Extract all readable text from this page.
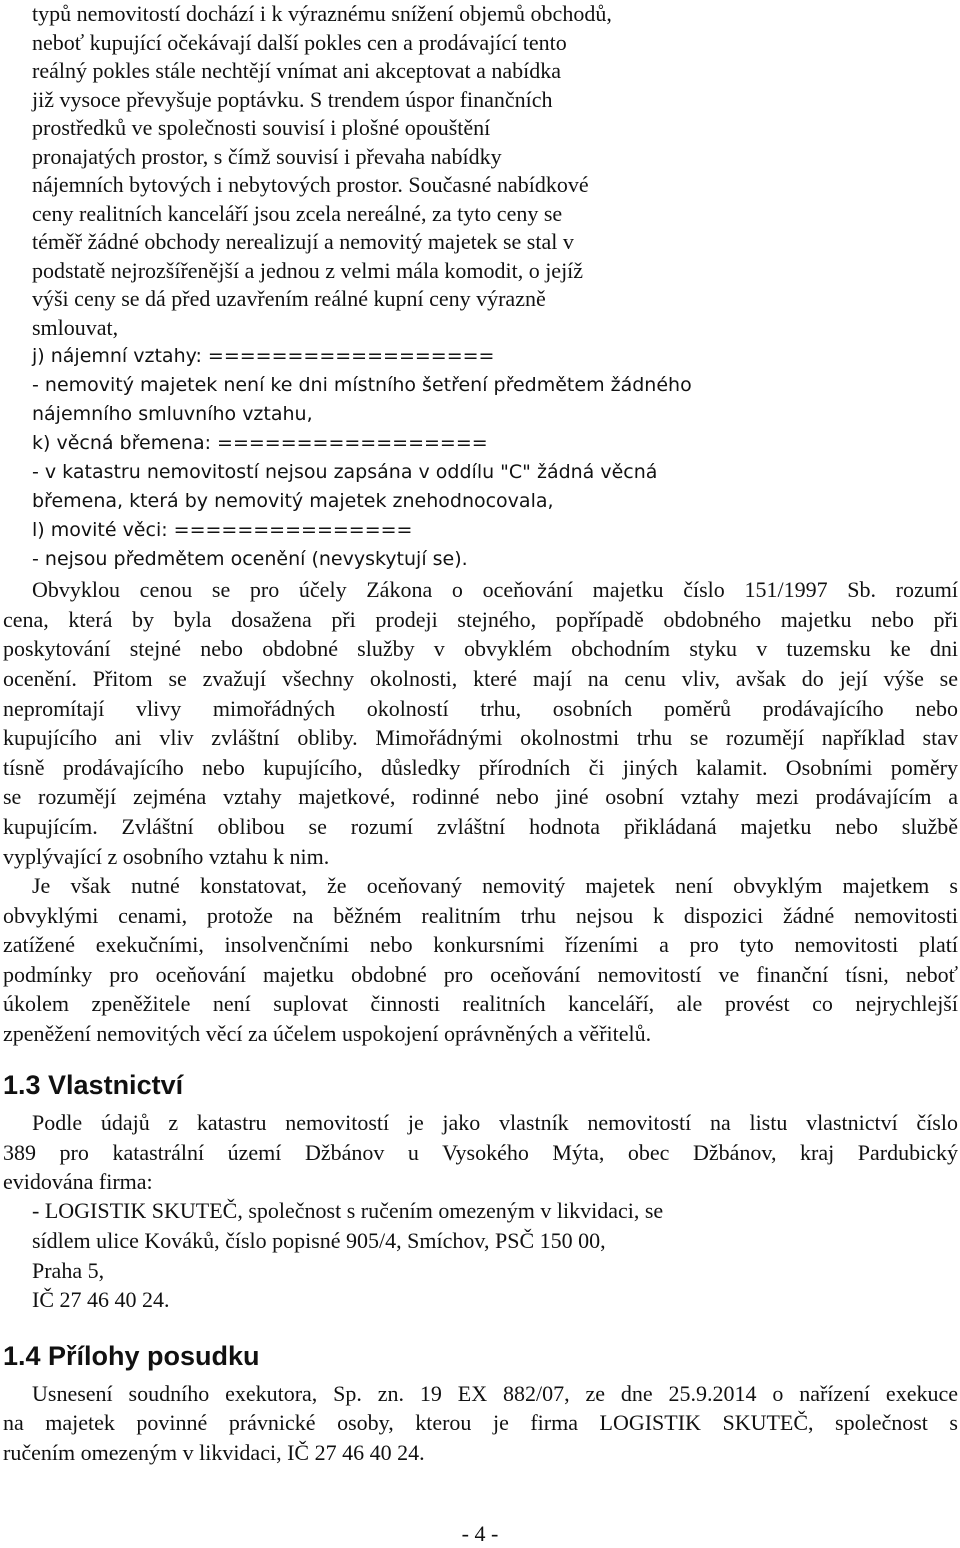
typů nemovitostí dochází i k výraznému snížení objemů obchodů,

neboť kupující očekávají další pokles cen a prodávající tento

reálný pokles stále nechtějí vnímat ani akceptovat a nabídka

již vysoce převyšuje poptávku. S trendem úspor finančních

prostředků ve společnosti souvisí i plošné opouštění

pronajatých prostor, s čímž souvisí i převaha nabídky

nájemních bytových i nebytových prostor. Současné nabídkové

ceny realitních kanceláří jsou zcela nereálné, za tyto ceny se

téměř žádné obchody nerealizují a nemovitý majetek se stal v

podstatě nejrozšířenější a jednou z velmi mála komodit, o jejíž

výši ceny se dá před uzavřením reálné kupní ceny výrazně

smlouvat,

j) nájemní vztahy: ==================

- nemovitý majetek není ke dni místního šetření předmětem žádného

nájemního smluvního vztahu,

k) věcná břemena: =================

- v katastru nemovitostí nejsou zapsána v oddílu "C" žádná věcná

břemena, která by nemovitý majetek znehodnocovala,

l) movité věci: ===============

- nejsou předmětem ocenění (nevyskytují se).

Obvyklou cenou se pro účely Zákona o oceňování majetku číslo 151/1997 Sb. rozumí

cena, která by byla dosažena při prodeji stejného, popřípadě obdobného majetku nebo při

poskytování stejné nebo obdobné služby v obvyklém obchodním styku v tuzemsku ke dni

ocenění. Přitom se zvažují všechny okolnosti, které mají na cenu vliv, avšak do její výše se

nepromítají vlivy mimořádných okolností trhu, osobních poměrů prodávajícího nebo

kupujícího ani vliv zvláštní obliby. Mimořádnými okolnostmi trhu se rozumějí například stav

tísně prodávajícího nebo kupujícího, důsledky přírodních či jiných kalamit. Osobními poměry

se rozumějí zejména vztahy majetkové, rodinné nebo jiné osobní vztahy mezi prodávajícím a

kupujícím. Zvláštní oblibou se rozumí zvláštní hodnota přikládaná majetku nebo službě

vyplývající z osobního vztahu k nim.

Je však nutné konstatovat, že oceňovaný nemovitý majetek není obvyklým majetkem s

obvyklými cenami, protože na běžném realitním trhu nejsou k dispozici žádné nemovitosti

zatížené exekučními, insolvenčními nebo konkursními řízeními a pro tyto nemovitosti platí

podmínky pro oceňování majetku obdobné pro oceňování nemovitostí ve finanční tísni, neboť

úkolem zpeněžitele není suplovat činnosti realitních kanceláří, ale provést co nejrychlejší

zpeněžení nemovitých věcí za účelem uspokojení oprávněných a věřitelů.

1.3 Vlastnictví

Podle údajů z katastru nemovitostí je jako vlastník nemovitostí na listu vlastnictví číslo

389 pro katastrální území Džbánov u Vysokého Mýta, obec Džbánov, kraj Pardubický

evidována firma:

- LOGISTIK SKUTEČ, společnost s ručením omezeným v likvidaci, se

sídlem ulice Kováků, číslo popisné 905/4, Smíchov, PSČ 150 00,

Praha 5,

IČ 27 46 40 24.

1.4 Přílohy posudku

Usnesení soudního exekutora, Sp. zn. 19 EX 882/07, ze dne 25.9.2014 o nařízení exekuce

na majetek povinné právnické osoby, kterou je firma LOGISTIK SKUTEČ, společnost s

ručením omezeným v likvidaci, IČ 27 46 40 24.

- 4 -
